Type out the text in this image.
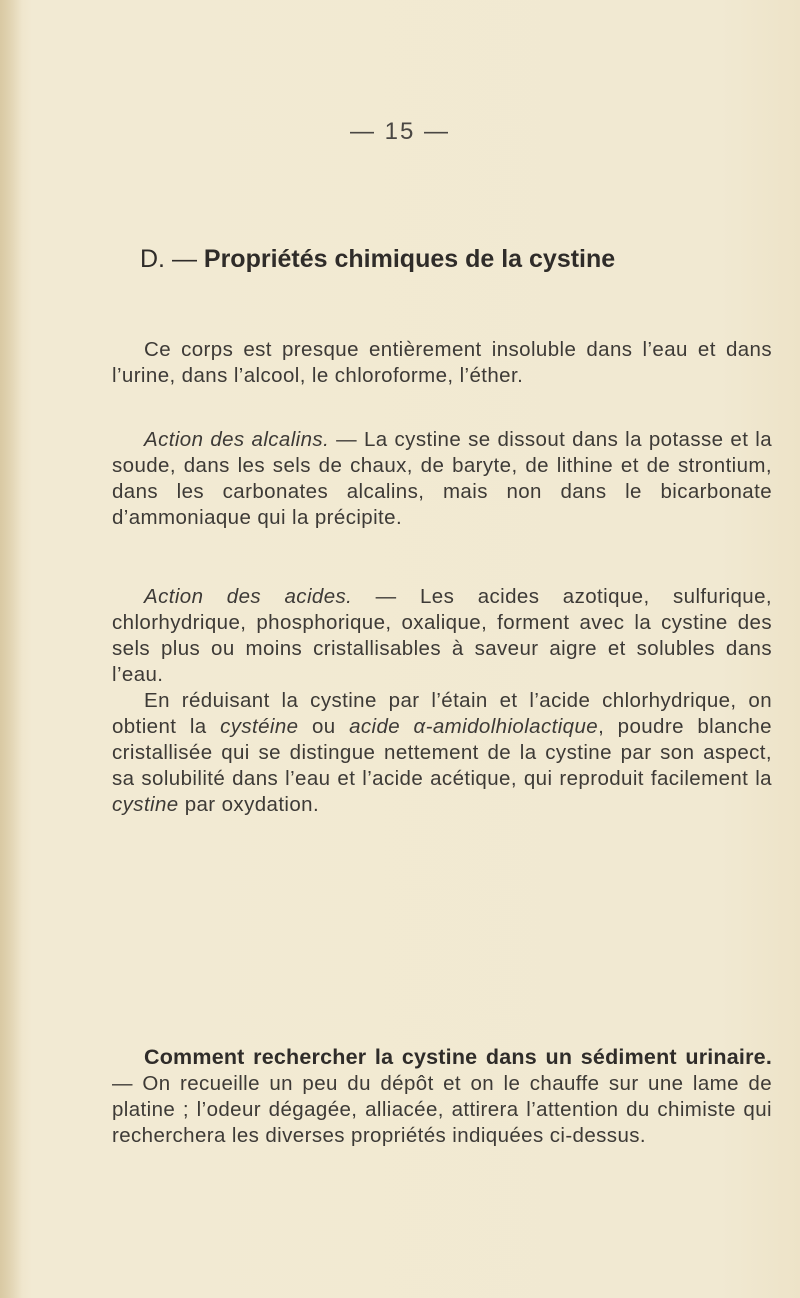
— 15 —
D. — Propriétés chimiques de la cystine

Ce corps est presque entièrement insoluble dans l’eau et dans l’urine, dans l’alcool, le chloroforme, l’éther.

Action des alcalins. — La cystine se dissout dans la potasse et la soude, dans les sels de chaux, de baryte, de lithine et de strontium, dans les carbonates alcalins, mais non dans le bicarbonate d’ammoniaque qui la précipite.

Action des acides. — Les acides azotique, sulfurique, chlorhydrique, phosphorique, oxalique, forment avec la cystine des sels plus ou moins cristallisables à saveur aigre et solubles dans l’eau.

En réduisant la cystine par l’étain et l’acide chlorhydrique, on obtient la cystéine ou acide α-amidolhiolactique, poudre blanche cristallisée qui se distingue nettement de la cystine par son aspect, sa solubilité dans l’eau et l’acide acétique, qui reproduit facilement la cystine par oxydation.

Comment rechercher la cystine dans un sédiment urinaire. — On recueille un peu du dépôt et on le chauffe sur une lame de platine ; l’odeur dégagée, alliacée, attirera l’attention du chimiste qui recherchera les diverses propriétés indiquées ci-dessus.
